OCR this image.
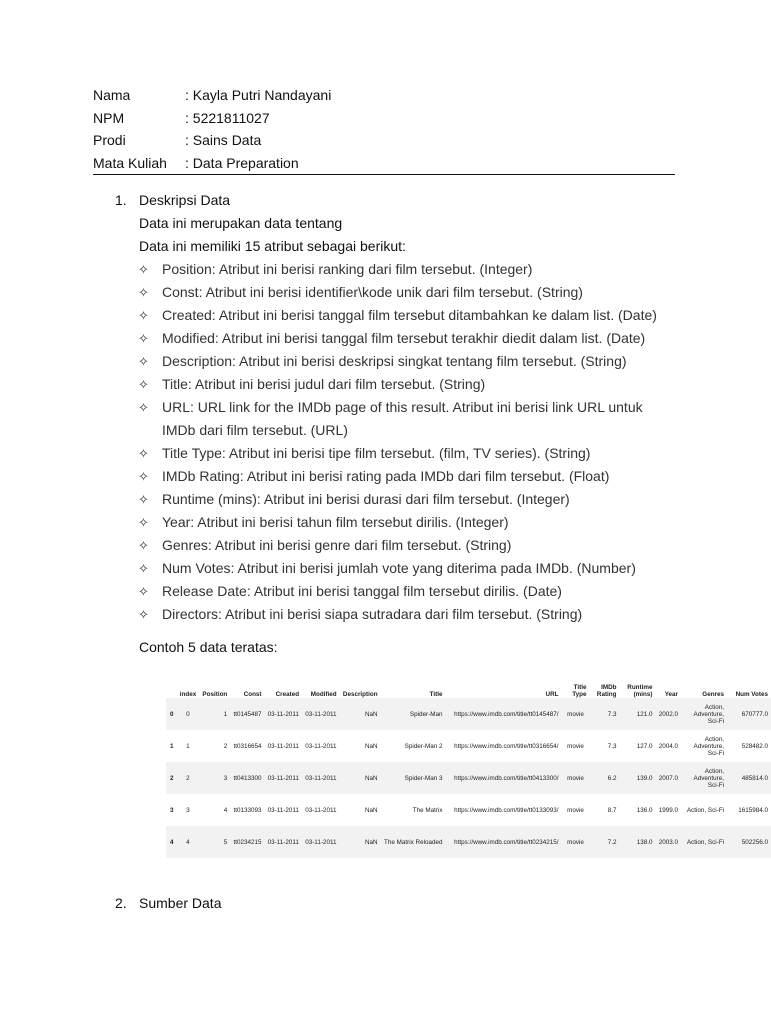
Nama	: Kayla Putri Nandayani
NPM	: 5221811027
Prodi	: Sains Data
Mata Kuliah	: Data Preparation
1. Deskripsi Data
Data ini merupakan data tentang
Data ini memiliki 15 atribut sebagai berikut:
✧ Position: Atribut ini berisi ranking dari film tersebut. (Integer)
✧ Const: Atribut ini berisi identifier\kode unik dari film tersebut. (String)
✧ Created: Atribut ini berisi tanggal film tersebut ditambahkan ke dalam list. (Date)
✧ Modified: Atribut ini berisi tanggal film tersebut terakhir diedit dalam list. (Date)
✧ Description: Atribut ini berisi deskripsi singkat tentang film tersebut. (String)
✧ Title: Atribut ini berisi judul dari film tersebut. (String)
✧ URL: URL link for the IMDb page of this result. Atribut ini berisi link URL untuk
IMDb dari film tersebut. (URL)
✧ Title Type: Atribut ini berisi tipe film tersebut. (film, TV series). (String)
✧ IMDb Rating: Atribut ini berisi rating pada IMDb dari film tersebut. (Float)
✧ Runtime (mins): Atribut ini berisi durasi dari film tersebut. (Integer)
✧ Year: Atribut ini berisi tahun film tersebut dirilis. (Integer)
✧ Genres: Atribut ini berisi genre dari film tersebut. (String)
✧ Num Votes: Atribut ini berisi jumlah vote yang diterima pada IMDb. (Number)
✧ Release Date: Atribut ini berisi tanggal film tersebut dirilis. (Date)
✧ Directors: Atribut ini berisi siapa sutradara dari film tersebut. (String)
Contoh 5 data teratas:
	index	Position	Const	Created	Modified	Description	Title	URL	Title Type	IMDb Rating	Runtime (mins)	Year	Genres	Num Votes
0	0	1	tt0145487	03-11-2011	03-11-2011	NaN	Spider-Man	https://www.imdb.com/title/tt0145487/	movie	7.3	121.0	2002.0	Action, Adventure, Sci-Fi	670777.0
1	1	2	tt0316654	03-11-2011	03-11-2011	NaN	Spider-Man 2	https://www.imdb.com/title/tt0316654/	movie	7.3	127.0	2004.0	Action, Adventure, Sci-Fi	528482.0
2	2	3	tt0413300	03-11-2011	03-11-2011	NaN	Spider-Man 3	https://www.imdb.com/title/tt0413300/	movie	6.2	139.0	2007.0	Action, Adventure, Sci-Fi	485814.0
3	3	4	tt0133093	03-11-2011	03-11-2011	NaN	The Matrix	https://www.imdb.com/title/tt0133093/	movie	8.7	136.0	1999.0	Action, Sci-Fi	1615984.0
4	4	5	tt0234215	03-11-2011	03-11-2011	NaN	The Matrix Reloaded	https://www.imdb.com/title/tt0234215/	movie	7.2	138.0	2003.0	Action, Sci-Fi	502256.0
2. Sumber Data
